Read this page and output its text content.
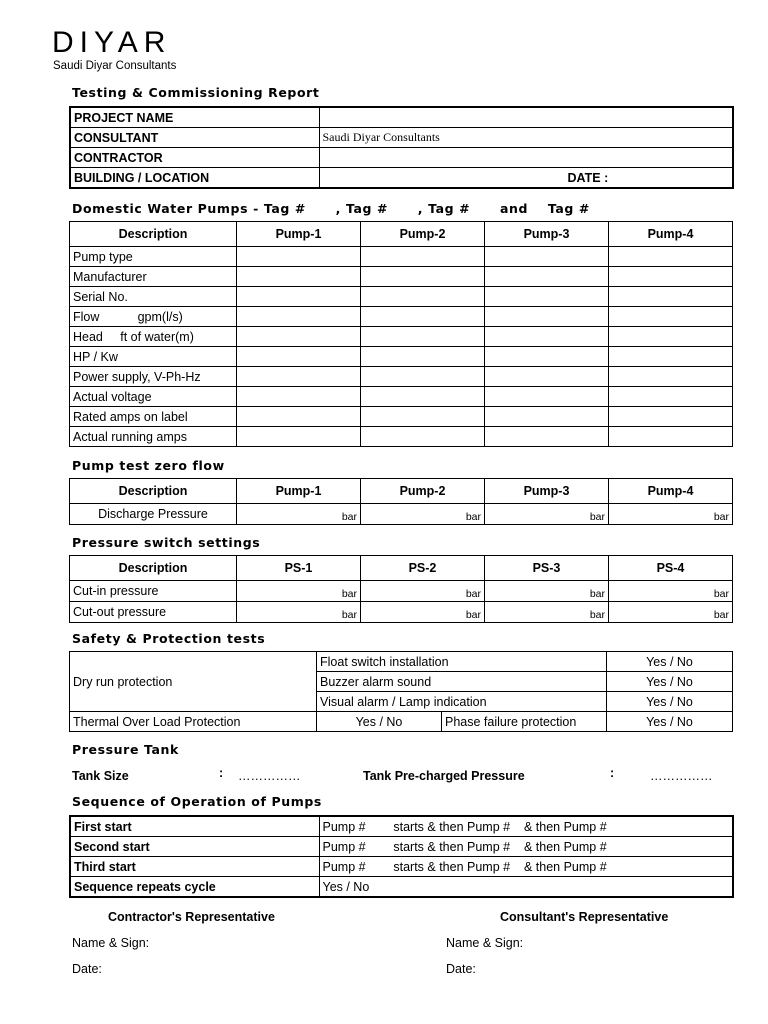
DIYAR
Saudi Diyar Consultants
Testing & Commissioning Report
PROJECT NAME	
CONSULTANT	Saudi Diyar Consultants
CONTRACTOR	
BUILDING / LOCATION	DATE :
Domestic Water Pumps - Tag #      , Tag #      , Tag #      and    Tag #
Description	Pump-1	Pump-2	Pump-3	Pump-4
Pump type				
Manufacturer				
Serial No.				
Flow           gpm(l/s)				
Head     ft of water(m)				
HP / Kw				
Power supply, V-Ph-Hz				
Actual voltage				
Rated amps on label				
Actual running amps				
Pump test zero flow
Description	Pump-1	Pump-2	Pump-3	Pump-4
Discharge Pressure	bar	bar	bar	bar
Pressure switch settings
Description	PS-1	PS-2	PS-3	PS-4
Cut-in pressure	bar	bar	bar	bar
Cut-out pressure	bar	bar	bar	bar
Safety & Protection tests
Dry run protection	Float switch installation		Yes / No
	Buzzer alarm sound		Yes / No
	Visual alarm / Lamp indication		Yes / No
Thermal Over Load Protection	Yes / No	Phase failure protection	Yes / No
Pressure Tank
Tank Size	: ……………	Tank Pre-charged Pressure	:	……………
Sequence of Operation of Pumps
First start	Pump #        starts & then Pump #    & then Pump #
Second start	Pump #        starts & then Pump #    & then Pump #
Third start	Pump #        starts & then Pump #    & then Pump #
Sequence repeats cycle	Yes / No
Contractor's Representative	Consultant's Representative
Name & Sign:	Name & Sign:
Date:	Date:
